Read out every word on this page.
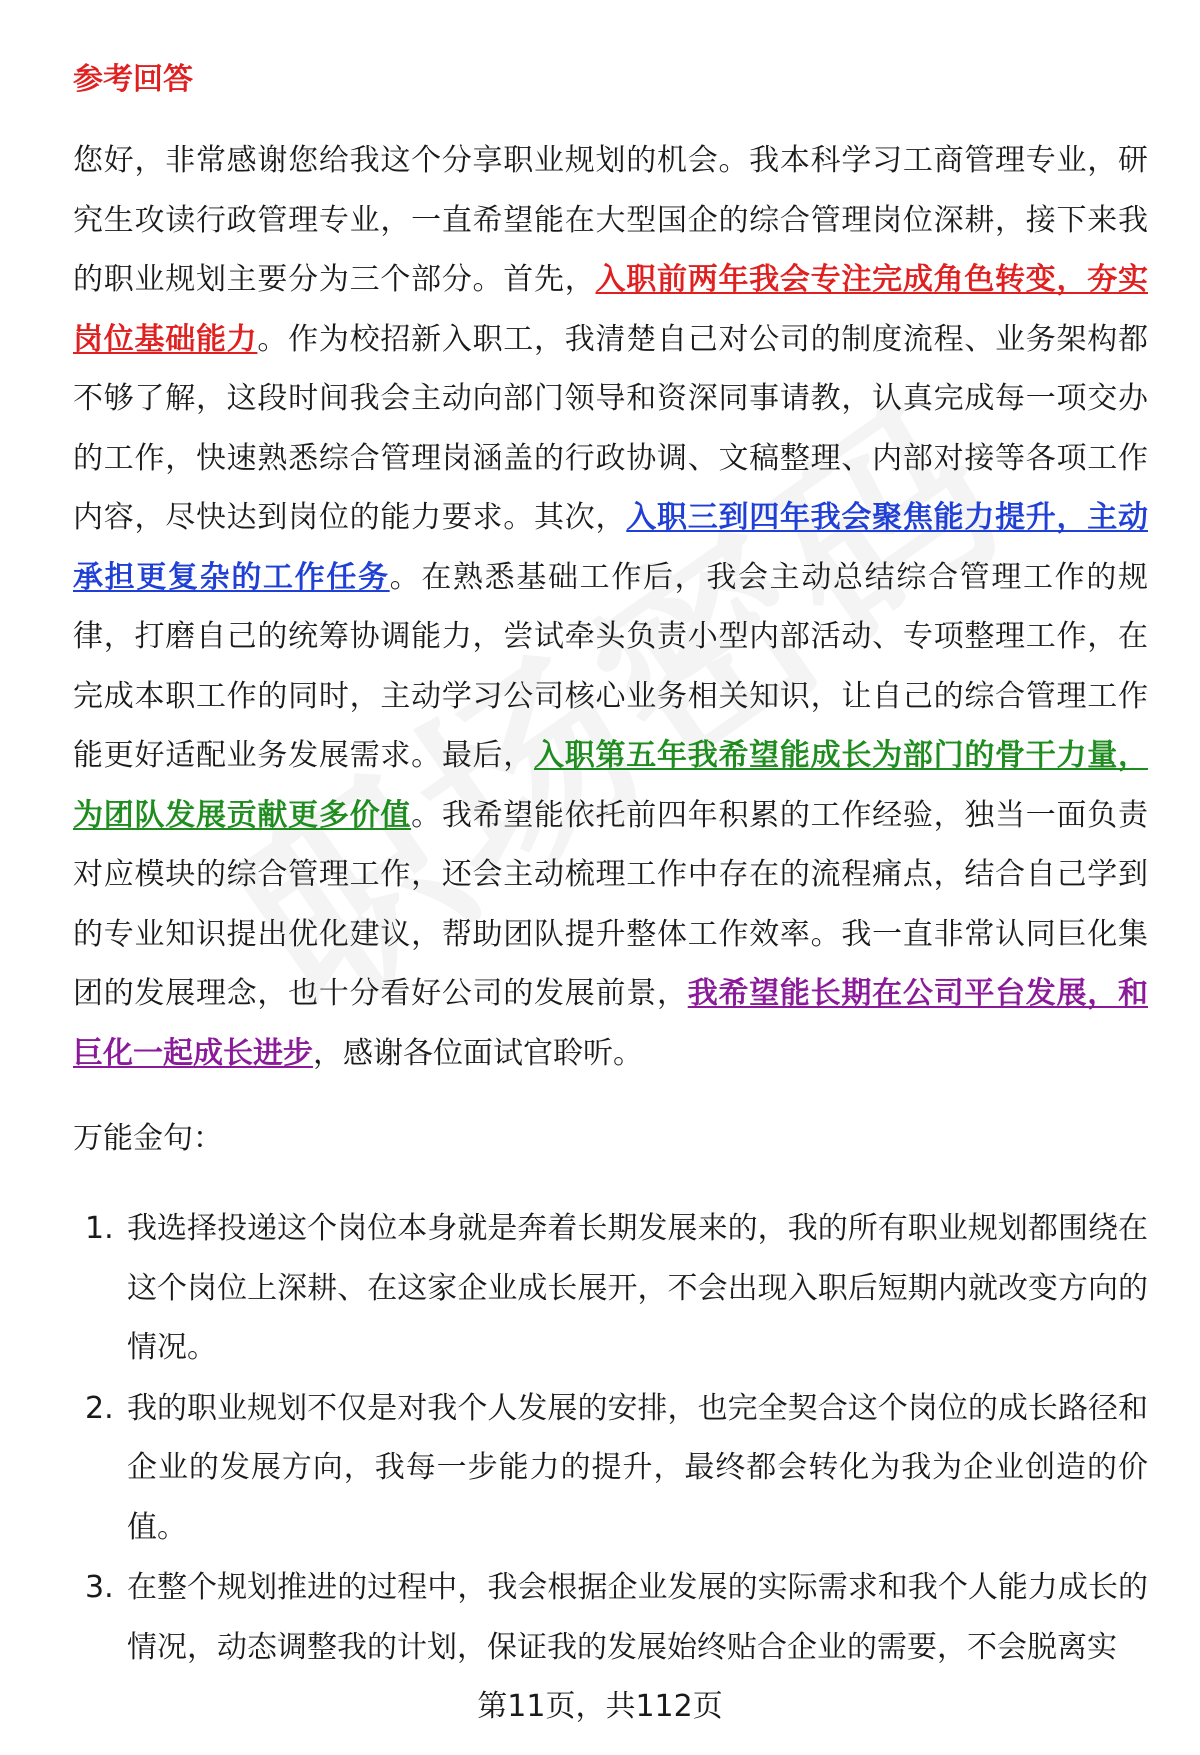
参考回答
您好，非常感谢您给我这个分享职业规划的机会。我本科学习工商管理专业，研究生攻读行政管理专业，一直希望能在大型国企的综合管理岗位深耕，接下来我的职业规划主要分为三个部分。首先，入职前两年我会专注完成角色转变，夯实岗位基础能力。作为校招新入职工，我清楚自己对公司的制度流程、业务架构都不够了解，这段时间我会主动向部门领导和资深同事请教，认真完成每一项交办的工作，快速熟悉综合管理岗涵盖的行政协调、文稿整理、内部对接等各项工作内容，尽快达到岗位的能力要求。其次，入职三到四年我会聚焦能力提升，主动承担更复杂的工作任务。在熟悉基础工作后，我会主动总结综合管理工作的规律，打磨自己的统筹协调能力，尝试牵头负责小型内部活动、专项整理工作，在完成本职工作的同时，主动学习公司核心业务相关知识，让自己的综合管理工作能更好适配业务发展需求。最后，入职第五年我希望能成长为部门的骨干力量，为团队发展贡献更多价值。我希望能依托前四年积累的工作经验，独当一面负责对应模块的综合管理工作，还会主动梳理工作中存在的流程痛点，结合自己学到的专业知识提出优化建议，帮助团队提升整体工作效率。我一直非常认同巨化集团的发展理念，也十分看好公司的发展前景，我希望能长期在公司平台发展，和巨化一起成长进步，感谢各位面试官聆听。
万能金句：
1. 我选择投递这个岗位本身就是奔着长期发展来的，我的所有职业规划都围绕在这个岗位上深耕、在这家企业成长展开，不会出现入职后短期内就改变方向的情况。
2. 我的职业规划不仅是对我个人发展的安排，也完全契合这个岗位的成长路径和企业的发展方向，我每一步能力的提升，最终都会转化为我为企业创造的价值。
3. 在整个规划推进的过程中，我会根据企业发展的实际需求和我个人能力成长的情况，动态调整我的计划，保证我的发展始终贴合企业的需要，不会脱离实
第11页，共112页
